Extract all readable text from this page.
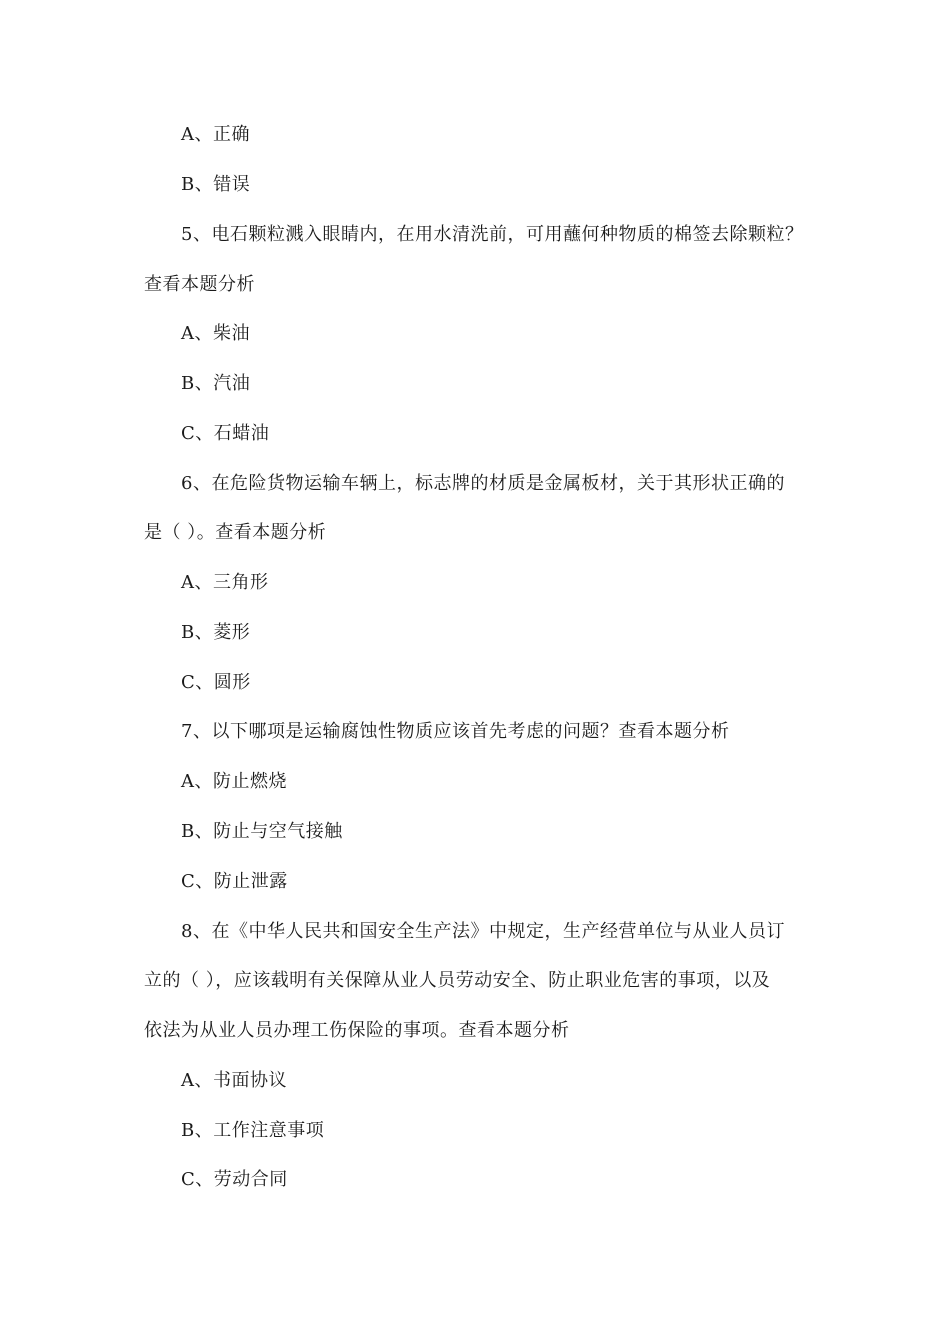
A、正确
B、错误
5、电石颗粒溅入眼睛内，在用水清洗前，可用蘸何种物质的棉签去除颗粒？
查看本题分析
A、柴油
B、汽油
C、石蜡油
6、在危险货物运输车辆上，标志牌的材质是金属板材，关于其形状正确的
是（ ）。查看本题分析
A、三角形
B、菱形
C、圆形
7、以下哪项是运输腐蚀性物质应该首先考虑的问题？查看本题分析
A、防止燃烧
B、防止与空气接触
C、防止泄露
8、在《中华人民共和国安全生产法》中规定，生产经营单位与从业人员订
立的（ ），应该载明有关保障从业人员劳动安全、防止职业危害的事项，以及
依法为从业人员办理工伤保险的事项。查看本题分析
A、书面协议
B、工作注意事项
C、劳动合同
